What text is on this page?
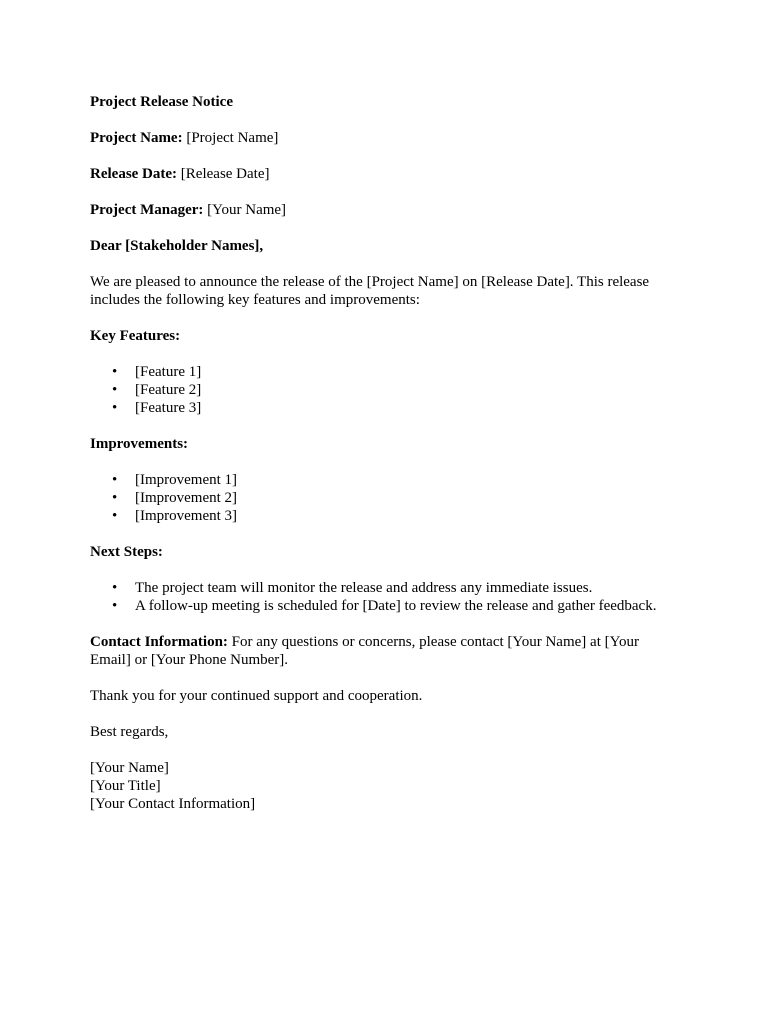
Project Release Notice

Project Name: [Project Name]

Release Date: [Release Date]

Project Manager: [Your Name]

Dear [Stakeholder Names],

We are pleased to announce the release of the [Project Name] on [Release Date]. This release includes the following key features and improvements:

Key Features:

• [Feature 1]
• [Feature 2]
• [Feature 3]

Improvements:

• [Improvement 1]
• [Improvement 2]
• [Improvement 3]

Next Steps:

• The project team will monitor the release and address any immediate issues.
• A follow-up meeting is scheduled for [Date] to review the release and gather feedback.

Contact Information: For any questions or concerns, please contact [Your Name] at [Your Email] or [Your Phone Number].

Thank you for your continued support and cooperation.

Best regards,

[Your Name]

[Your Title]

[Your Contact Information]
